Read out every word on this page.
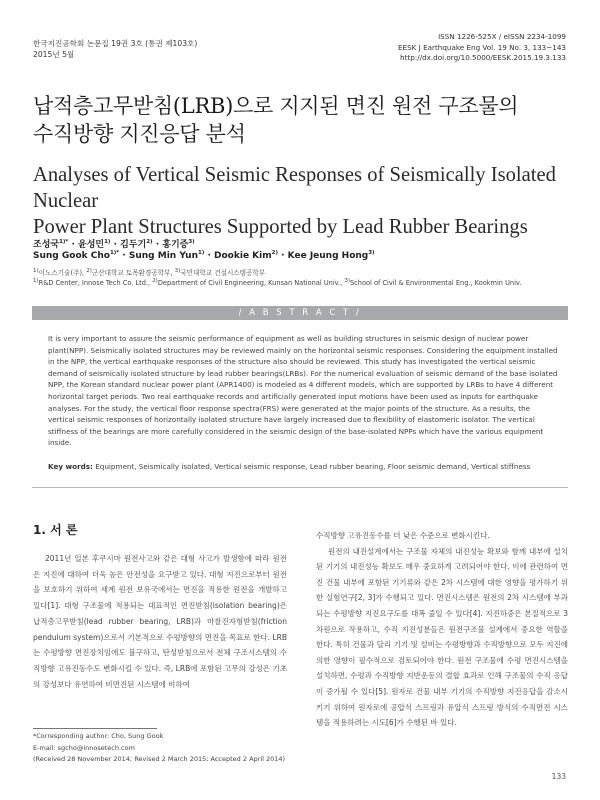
한국지진공학회 논문집 19권 3호 (통권 제103호)
2015년 5월
ISSN 1226-525X / eISSN 2234-1099
EESK J Earthquake Eng Vol. 19 No. 3, 133~143
http://dx.doi.org/10.5000/EESK.2015.19.3.133
납적층고무받침(LRB)으로 지지된 면진 원전 구조물의
수직방향 지진응답 분석
Analyses of Vertical Seismic Responses of Seismically Isolated Nuclear
Power Plant Structures Supported by Lead Rubber Bearings
조성국$^{1)*}$ · 윤성민$^{1)}$ · 김두기$^{2)}$ · 홍기증$^{3)}$
Sung Gook Cho$^{1)*}$ · Sung Min Yun$^{1)}$ · Dookie Kim$^{2)}$ · Kee Jeung Hong$^{3)}$
$^{1)}$이노스기술(주), $^{2)}$군산대학교 토목환경공학부, $^{3)}$국민대학교 건설시스템공학부
$^{1)}$R&D Center, Innose Tech Co. Ltd., $^{2)}$Department of Civil Engineering, Kunsan National Univ., $^{3)}$School of Civil & Environmental Eng., Kookmin Univ.
/ A B S T R A C T /
It is very important to assure the seismic performance of equipment as well as building structures in seismic design of nuclear power plant(NPP). Seismically isolated structures may be reviewed mainly on the horizontal seismic responses. Considering the equipment installed in the NPP, the vertical earthquake responses of the structure also should be reviewed. This study has investigated the vertical seismic demand of seismically isolated structure by lead rubber bearings(LRBs). For the numerical evaluation of seismic demand of the base isolated NPP, the Korean standard nuclear power plant (APR1400) is modeled as 4 different models, which are supported by LRBs to have 4 different horizontal target periods. Two real earthquake records and artificially generated input motions have been used as inputs for earthquake analyses. For the study, the vertical floor response spectra(FRS) were generated at the major points of the structure. As a results, the vertical seismic responses of horizontally isolated structure have largely increased due to flexibility of elastomeric isolator. The vertical stiffness of the bearings are more carefully considered in the seismic design of the base-isolated NPPs which have the various equipment inside.
Key words: Equipment, Seismically isolated, Vertical seismic response, Lead rubber bearing, Floor seismic demand, Vertical stiffness
1. 서 론

2011년 일본 후쿠시마 원전사고와 같은 대형 사고가 발생함에 따라 원전은 지진에 대하여 더욱 높은 안전성을 요구받고 있다. 대형 지진으로부터 원전을 보호하기 위하여 세계 원전 보유국에서는 면진을 적용한 원전을 개발하고 있다[1]. 대형 구조물에 적용되는 대표적인 면진받침(isolation bearing)은 납적층고무받침(lead rubber bearing, LRB)과 마찰진자형받침(friction pendulum system)으로서 기본적으로 수평방향의 면진을 목표로 한다. LRB는 수평방향 면진장치임에도 불구하고, 탄성받침으로서 전체 구조시스템의 수직방향 고유진동수도 변화시킬 수 있다. 즉, LRB에 포함된 고무의 강성은 기초의 강성보다 유연하여 비면진된 시스템에 비하여

수직방향 고유진동수를 더 낮은 수준으로 변화시킨다.

원전의 내진설계에서는 구조물 자체의 내진성능 확보와 함께 내부에 설치된 기기의 내진성능 확보도 매우 중요하게 고려되어야 한다. 이에 관련하여 면진 건물 내부에 포함된 기기류와 같은 2차 시스템에 대한 영향을 평가하기 위한 실험연구[2, 3]가 수행되고 있다. 면진시스템은 원전의 2차 시스템에 부과되는 수평방향 지진요구도를 대폭 줄일 수 있다[4]. 지진하중은 본질적으로 3차원으로 작용하고, 수직 지진성분들은 원전구조물 설계에서 중요한 역할을 한다. 특히 건물과 달리 기기 및 설비는 수평방향과 수직방향으로 모두 지진에 의한 영향이 필수적으로 검토되어야 한다. 원전 구조물에 수평 면진시스템을 설치하면, 수평과 수직방향 지반운동의 결합 효과로 인해 구조물의 수직 응답이 증가될 수 있다[5]. 원자로 건물 내부 기기의 수직방향 지진응답을 감소시키기 위하여 원자로에 공압식 스프링과 유압식 스프링 방식의 수직면진 시스템을 적용하려는 시도[6]가 수행된 바 있다.

*Corresponding author: Cho, Sung Gook
E-mail: sgcho@innosetech.com
(Received 28 November 2014; Revised 2 March 2015; Accepted 2 April 2014)
133
